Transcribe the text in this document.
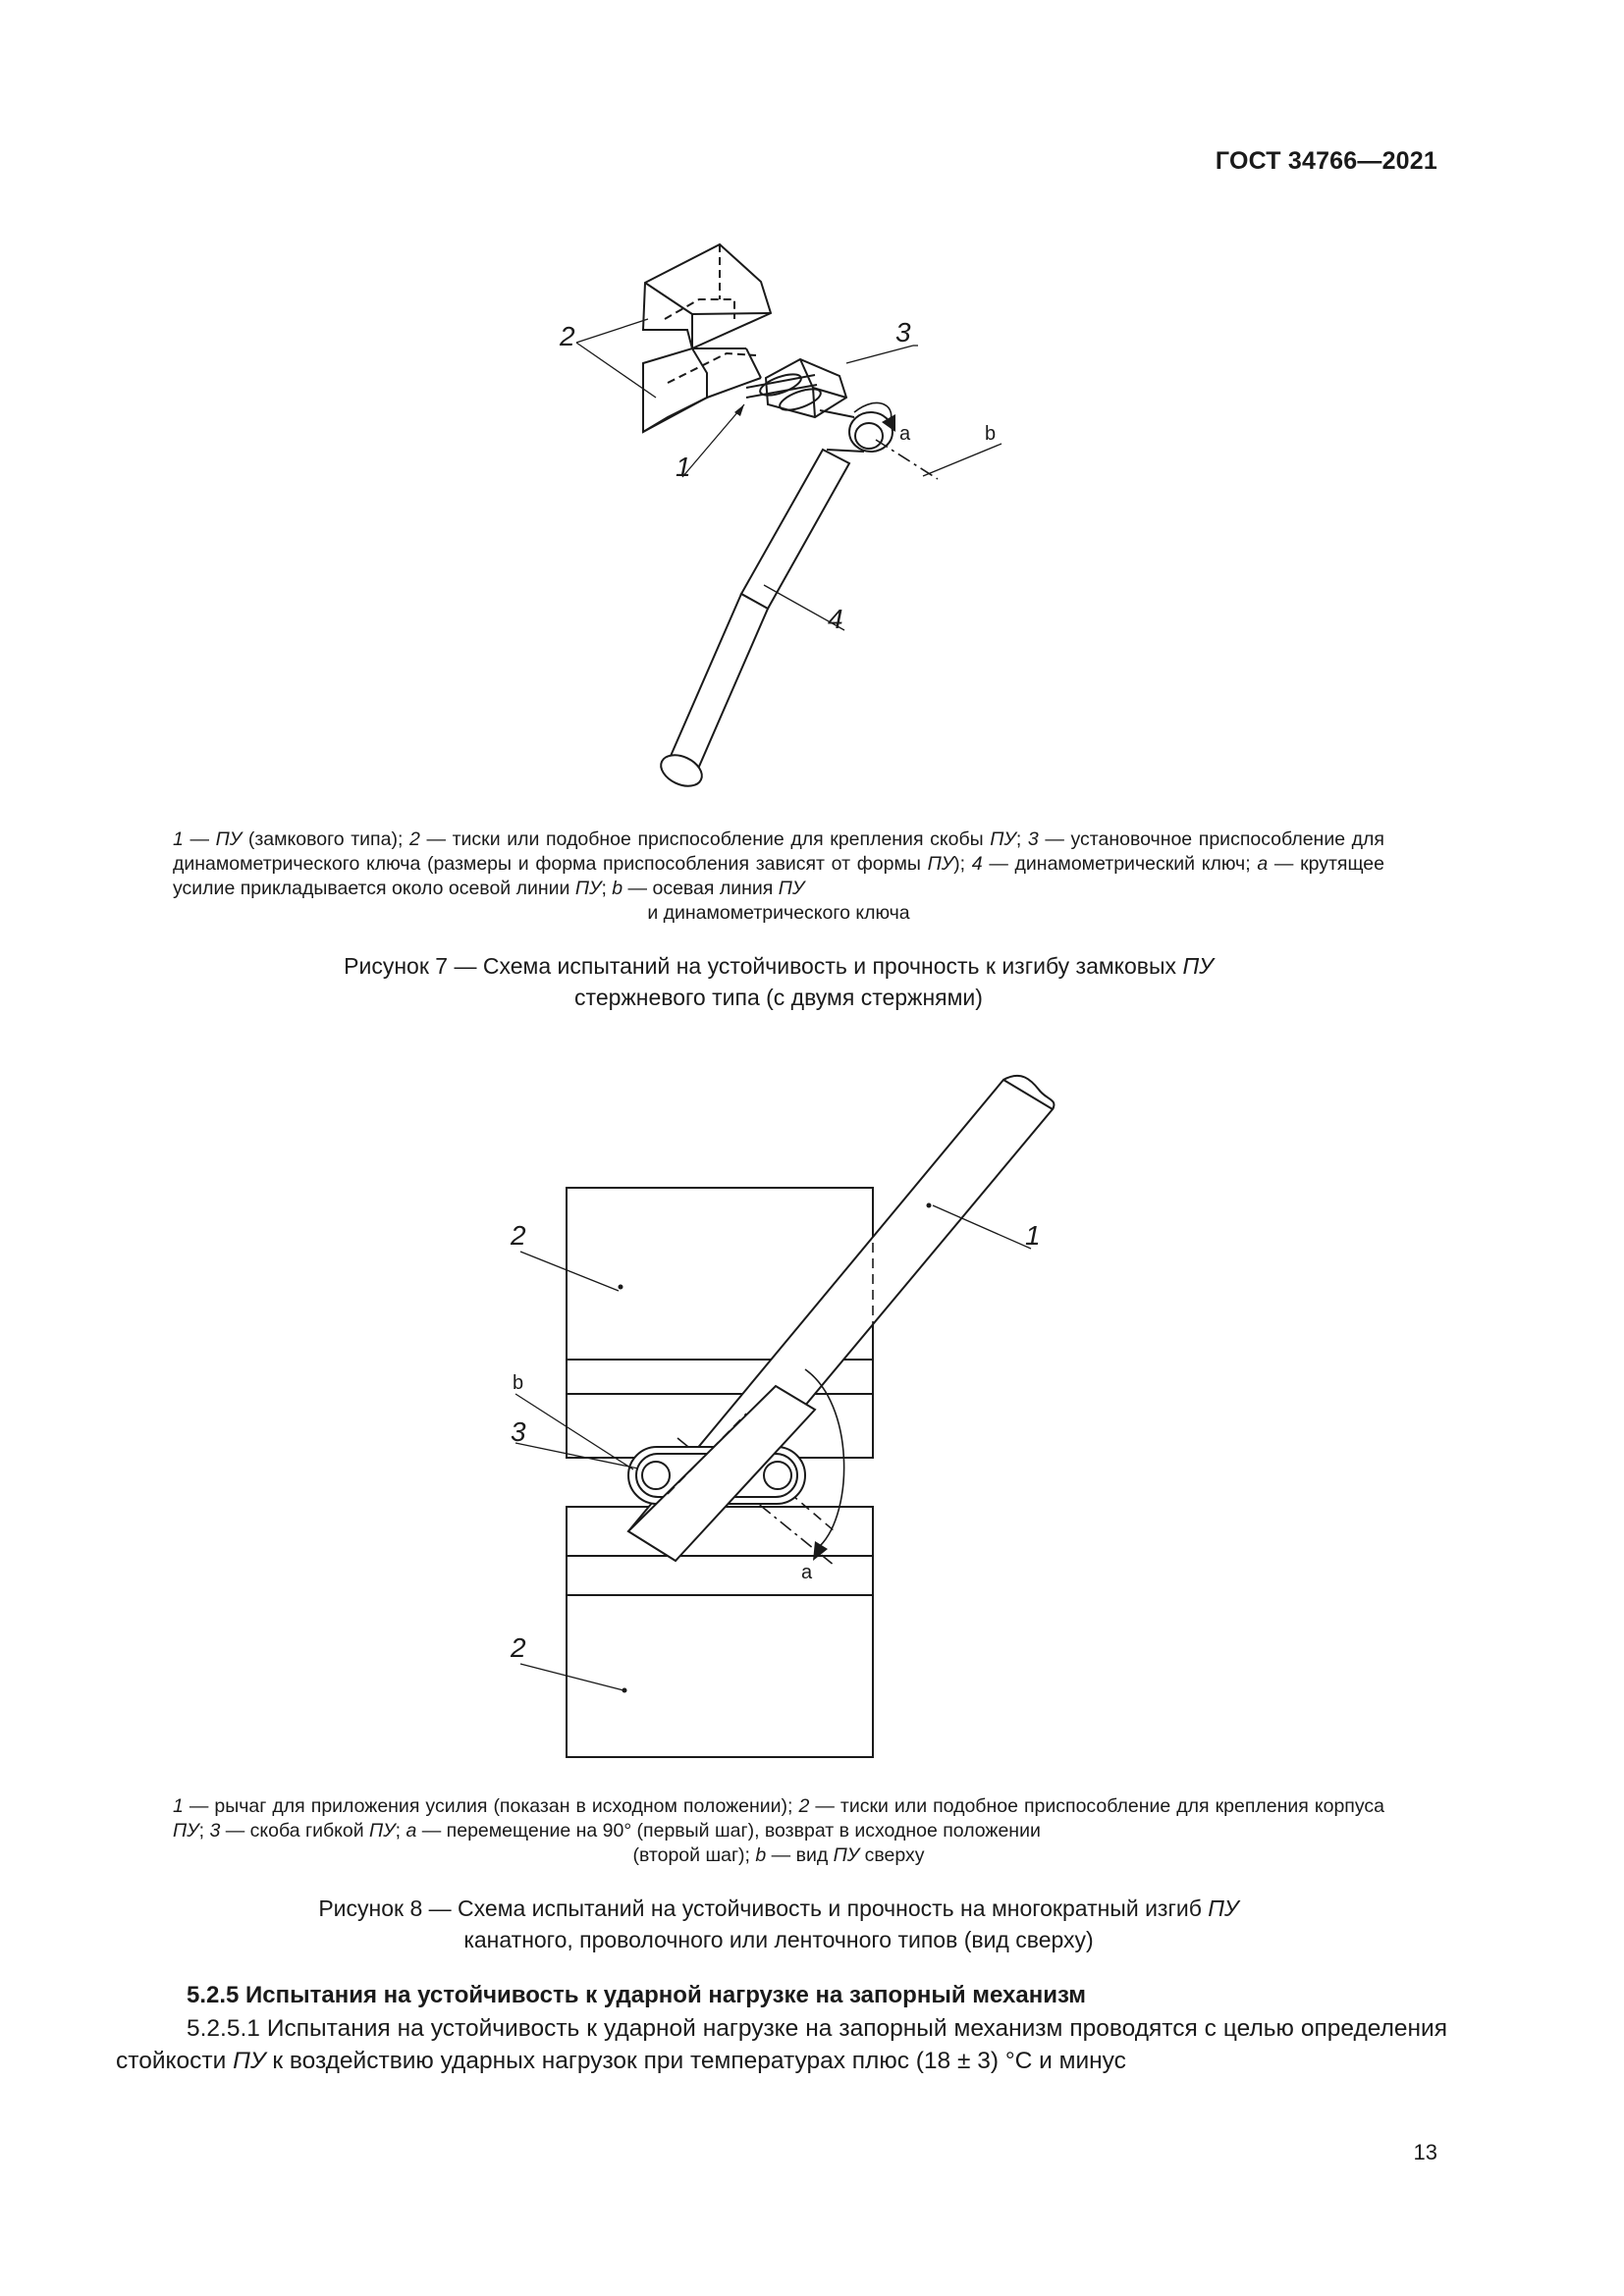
ГОСТ 34766—2021
2	3
1
4
a	b
1 — ПУ (замкового типа); 2 — тиски или подобное приспособление для крепления скобы ПУ; 3 — установочное приспособление для динамометрического ключа (размеры и форма приспособления зависят от формы ПУ); 4 — динамометрический ключ; a — крутящее усилие прикладывается около осевой линии ПУ; b — осевая линия ПУ
и динамометрического ключа
Рисунок 7 — Схема испытаний на устойчивость и прочность к изгибу замковых ПУ
стержневого типа (с двумя стержнями)
2	1
3
2
b
a
1 — рычаг для приложения усилия (показан в исходном положении); 2 — тиски или подобное приспособление для крепления корпуса ПУ; 3 — скоба гибкой ПУ; a — перемещение на 90° (первый шаг), возврат в исходное положении
(второй шаг); b — вид ПУ сверху
Рисунок 8 — Схема испытаний на устойчивость и прочность на многократный изгиб ПУ
канатного, проволочного или ленточного типов (вид сверху)
5.2.5 Испытания на устойчивость к ударной нагрузке на запорный механизм
5.2.5.1 Испытания на устойчивость к ударной нагрузке на запорный механизм проводятся с целью определения стойкости ПУ к воздействию ударных нагрузок при температурах плюс (18 ± 3) °С и минус
13
